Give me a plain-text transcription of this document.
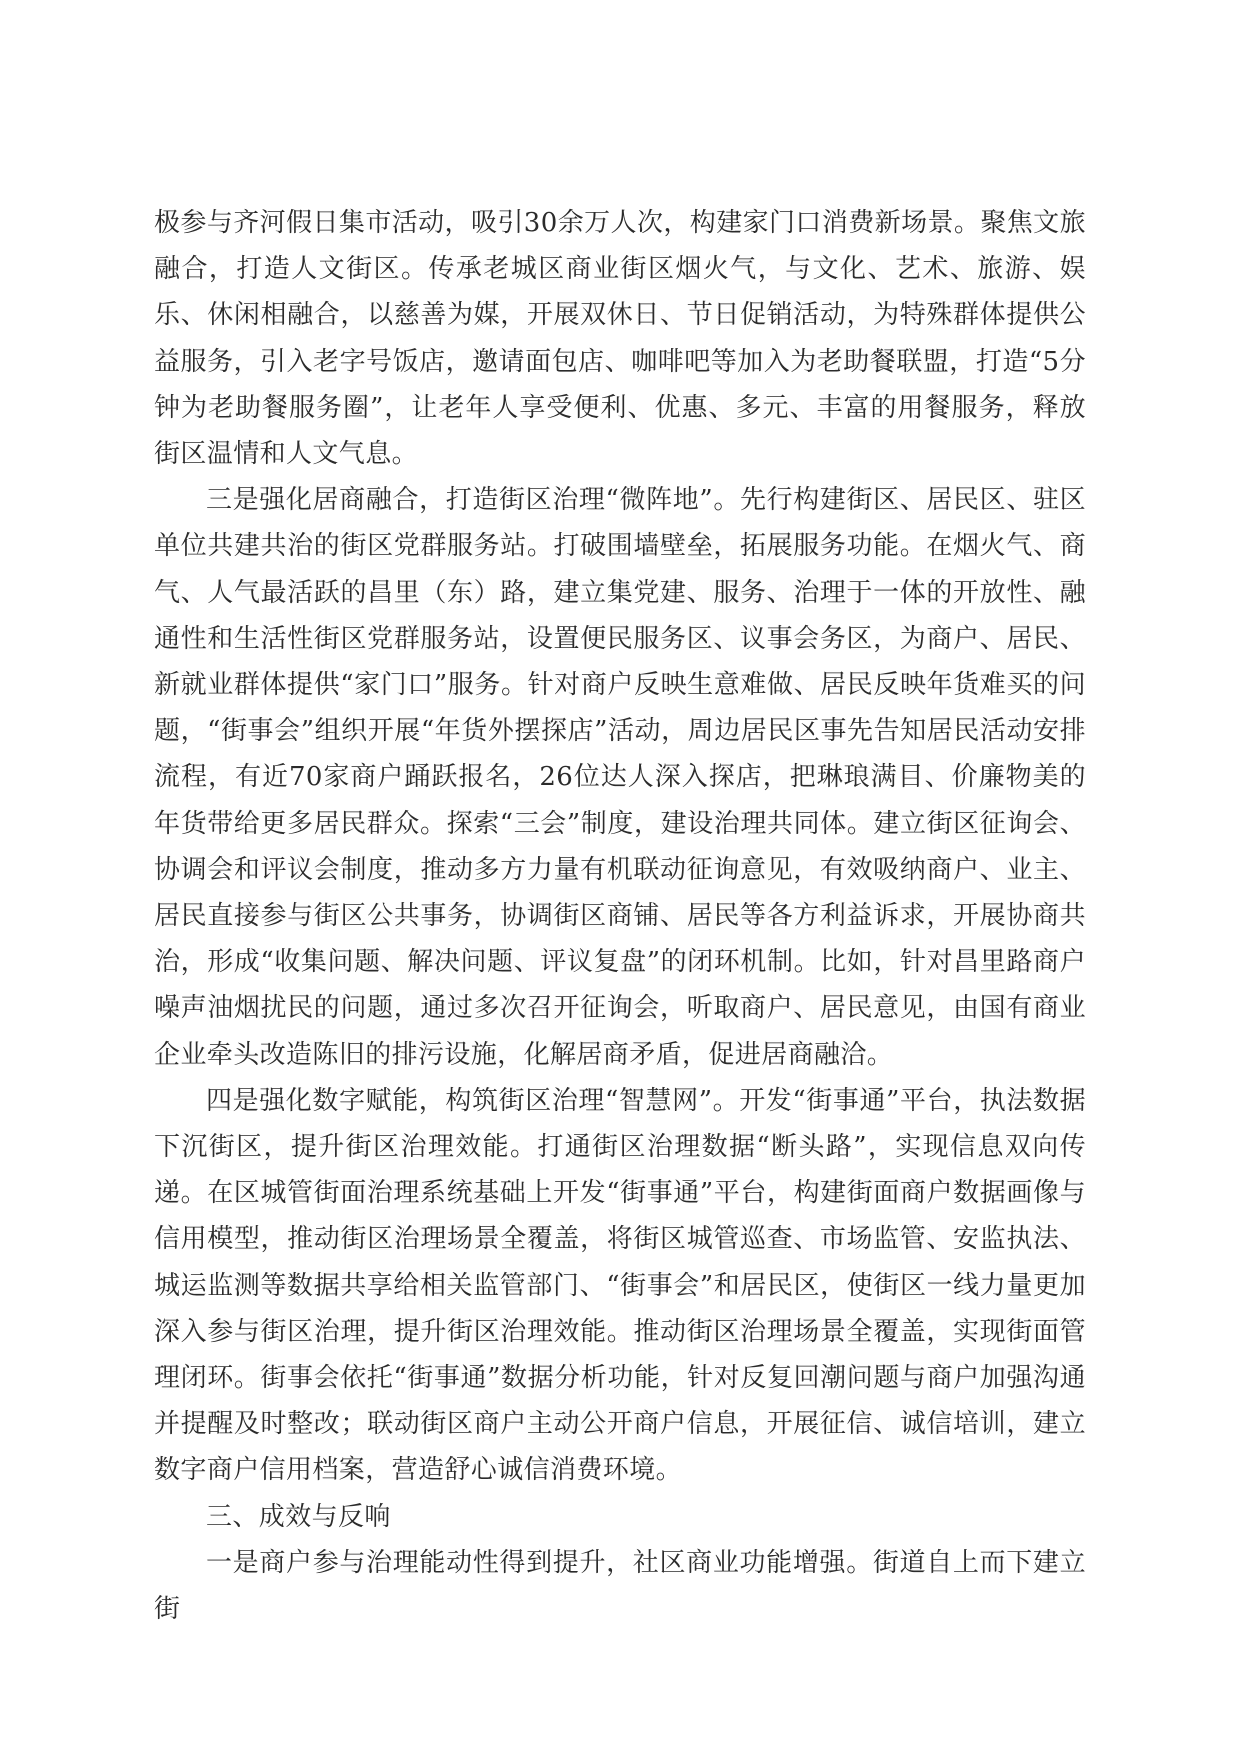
极参与齐河假日集市活动，吸引30余万人次，构建家门口消费新场景。聚焦文旅融合，打造人文街区。传承老城区商业街区烟火气，与文化、艺术、旅游、娱乐、休闲相融合，以慈善为媒，开展双休日、节日促销活动，为特殊群体提供公益服务，引入老字号饭店，邀请面包店、咖啡吧等加入为老助餐联盟，打造“5分钟为老助餐服务圈”，让老年人享受便利、优惠、多元、丰富的用餐服务，释放街区温情和人文气息。

三是强化居商融合，打造街区治理“微阵地”。先行构建街区、居民区、驻区单位共建共治的街区党群服务站。打破围墙壁垒，拓展服务功能。在烟火气、商气、人气最活跃的昌里（东）路，建立集党建、服务、治理于一体的开放性、融通性和生活性街区党群服务站，设置便民服务区、议事会务区，为商户、居民、新就业群体提供“家门口”服务。针对商户反映生意难做、居民反映年货难买的问题，“街事会”组织开展“年货外摆探店”活动，周边居民区事先告知居民活动安排流程，有近70家商户踊跃报名，26位达人深入探店，把琳琅满目、价廉物美的年货带给更多居民群众。探索“三会”制度，建设治理共同体。建立街区征询会、协调会和评议会制度，推动多方力量有机联动征询意见，有效吸纳商户、业主、居民直接参与街区公共事务，协调街区商铺、居民等各方利益诉求，开展协商共治，形成“收集问题、解决问题、评议复盘”的闭环机制。比如，针对昌里路商户噪声油烟扰民的问题，通过多次召开征询会，听取商户、居民意见，由国有商业企业牵头改造陈旧的排污设施，化解居商矛盾，促进居商融洽。

四是强化数字赋能，构筑街区治理“智慧网”。开发“街事通”平台，执法数据下沉街区，提升街区治理效能。打通街区治理数据“断头路”，实现信息双向传递。在区城管街面治理系统基础上开发“街事通”平台，构建街面商户数据画像与信用模型，推动街区治理场景全覆盖，将街区城管巡查、市场监管、安监执法、城运监测等数据共享给相关监管部门、“街事会”和居民区，使街区一线力量更加深入参与街区治理，提升街区治理效能。推动街区治理场景全覆盖，实现街面管理闭环。街事会依托“街事通”数据分析功能，针对反复回潮问题与商户加强沟通并提醒及时整改；联动街区商户主动公开商户信息，开展征信、诚信培训，建立数字商户信用档案，营造舒心诚信消费环境。

三、成效与反响

一是商户参与治理能动性得到提升，社区商业功能增强。街道自上而下建立街
